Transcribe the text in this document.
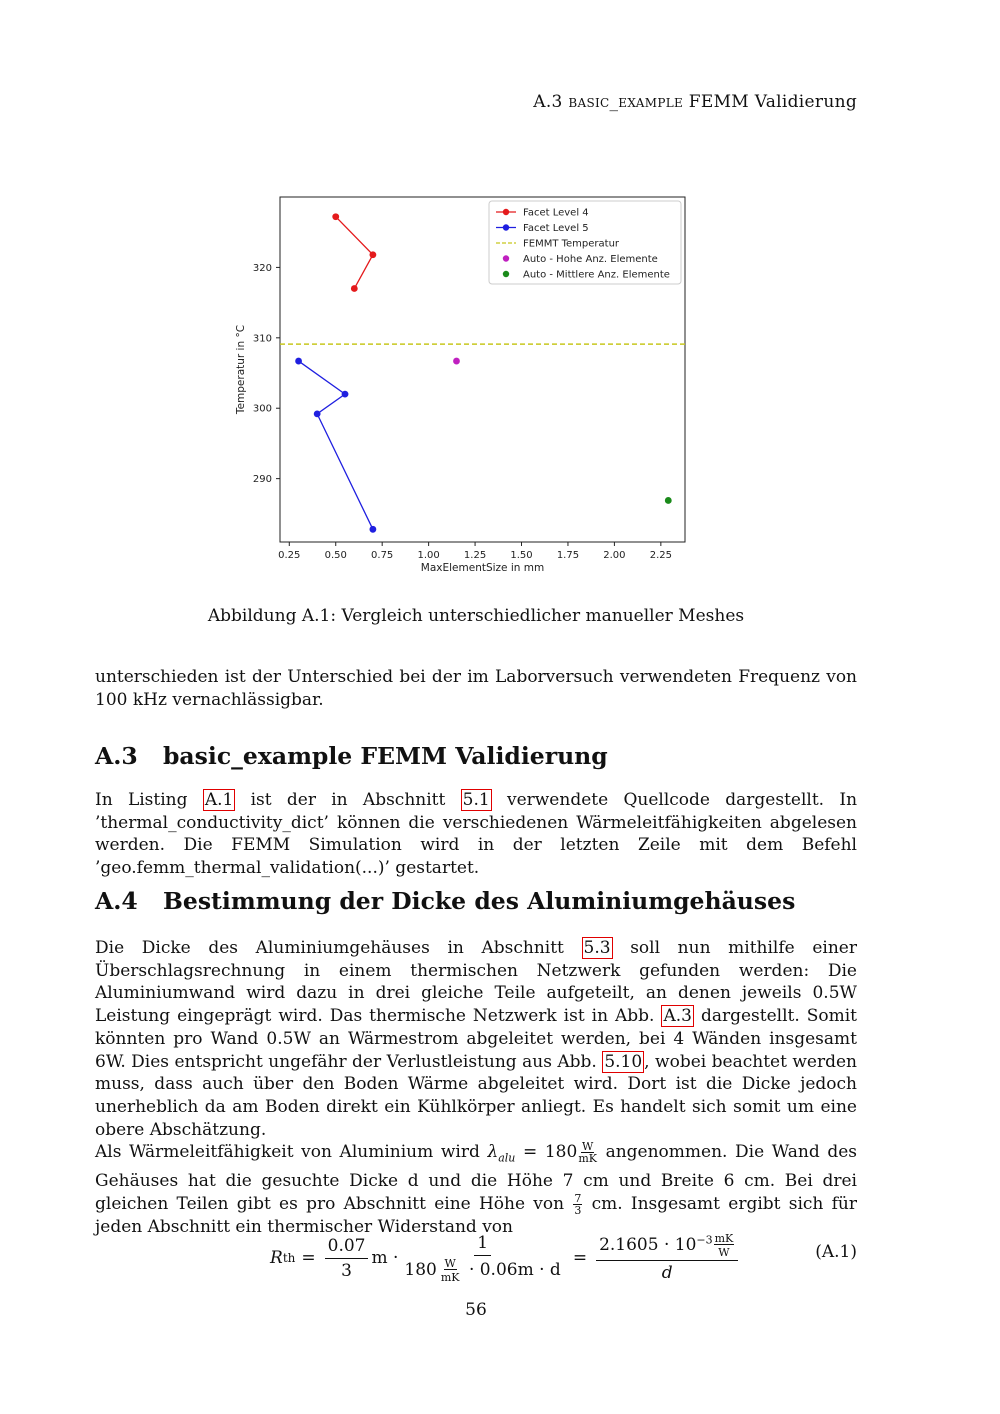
A.3 basic_example FEMM Validierung
0.25 0.50 0.75 1.00 1.25 1.50 1.75 2.00 2.25
290
300
310
320
MaxElementSize in mm
Temperatur in °C
Facet Level 4
Facet Level 5
FEMMT Temperatur
Auto - Hohe Anz. Elemente
Auto - Mittlere Anz. Elemente
Abbildung A.1: Vergleich unterschiedlicher manueller Meshes

unterschieden ist der Unterschied bei der im Laborversuch verwendeten Frequenz von 100 kHz vernachlässigbar.

A.3 basic_example FEMM Validierung

In Listing A.1 ist der in Abschnitt 5.1 verwendete Quellcode dargestellt. In ’thermal_conductivity_dict’ können die verschiedenen Wärmeleitfähigkeiten abgelesen werden. Die FEMM Simulation wird in der letzten Zeile mit dem Befehl ’geo.femm_thermal_validation(...)’ gestartet.

A.4 Bestimmung der Dicke des Aluminiumgehäuses

Die Dicke des Aluminiumgehäuses in Abschnitt 5.3 soll nun mithilfe einer Überschlagsrechnung in einem thermischen Netzwerk gefunden werden: Die Aluminiumwand wird dazu in drei gleiche Teile aufgeteilt, an denen jeweils 0.5W Leistung eingeprägt wird. Das thermische Netzwerk ist in Abb. A.3 dargestellt. Somit könnten pro Wand 0.5W an Wärmestrom abgeleitet werden, bei 4 Wänden insgesamt 6W. Dies entspricht ungefähr der Verlustleistung aus Abb. 5.10 , wobei beachtet werden muss, dass auch über den Boden Wärme abgeleitet wird. Dort ist die Dicke jedoch unerheblich da am Boden direkt ein Kühlkörper anliegt. Es handelt sich somit um eine obere Abschätzung.
Als Wärmeleitfähigkeit von Aluminium wird $\lambda_{alu} = 180 \frac{W}{mK}$ angenommen. Die Wand des Gehäuses hat die gesuchte Dicke d und die Höhe 7 cm und Breite 6 cm. Bei drei gleichen Teilen gibt es pro Abschnitt eine Höhe von $\frac{7}{3}$ cm. Insgesamt ergibt sich für jeden Abschnitt ein thermischer Widerstand von

R th = $\frac{0.07}{3}$ $m \cdot \frac{1}{180 \frac{W}{mK} \cdot 0.06m \cdot d} = \frac{2.1605 \cdot 10^{-3} \frac{mK}{W}}{d}$	(A.1)
56
